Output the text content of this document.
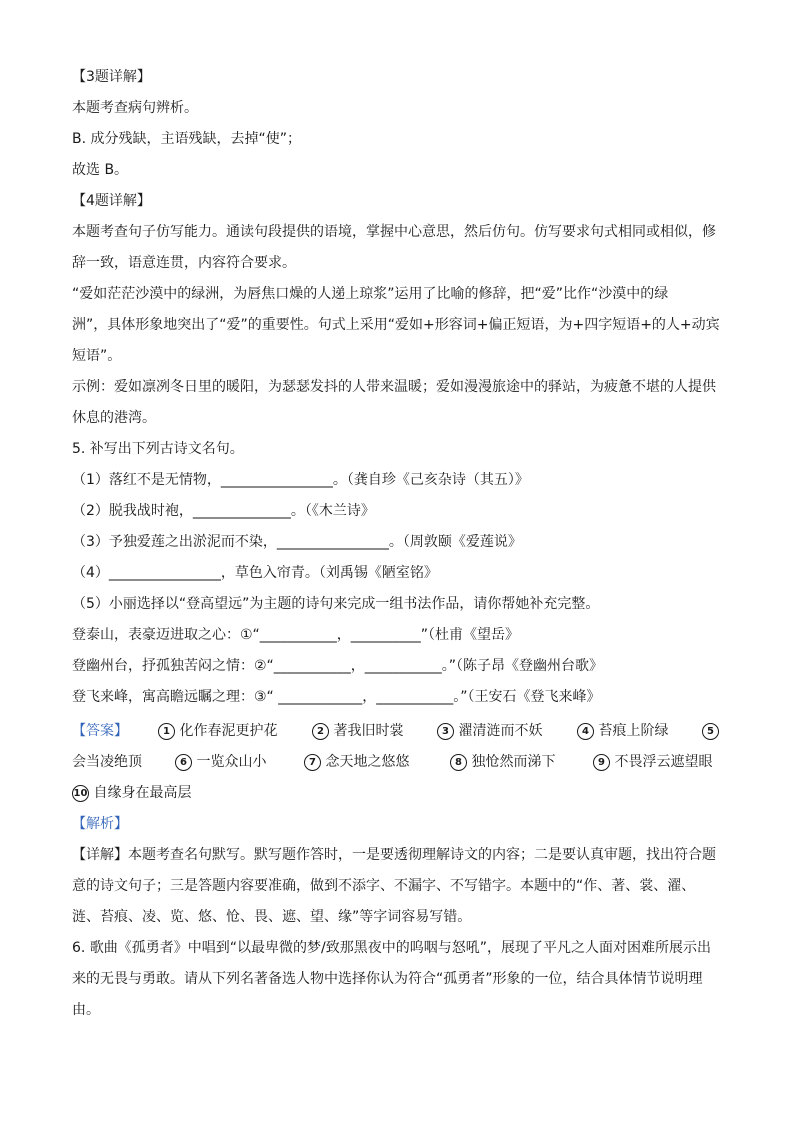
【3题详解】
本题考查病句辨析。
B. 成分残缺，主语残缺，去掉“使”；
故选 B。
【4题详解】
本题考查句子仿写能力。通读句段提供的语境，掌握中心意思，然后仿句。仿写要求句式相同或相似，修
辞一致，语意连贯，内容符合要求。
“爱如茫茫沙漠中的绿洲，为唇焦口燥的人递上琼浆”运用了比喻的修辞，把“爱”比作“沙漠中的绿
洲”，具体形象地突出了“爱”的重要性。句式上采用“爱如+形容词+偏正短语，为+四字短语+的人+动宾
短语”。
示例：爱如凛冽冬日里的暖阳，为瑟瑟发抖的人带来温暖；爱如漫漫旅途中的驿站，为疲惫不堪的人提供
休息的港湾。
5. 补写出下列古诗文名句。
（1）落红不是无情物，________________。（龚自珍《己亥杂诗（其五）》
（2）脱我战时袍，______________。（《木兰诗》
（3）予独爱莲之出淤泥而不染，________________。（周敦颐《爱莲说》
（4）________________，草色入帘青。（刘禹锡《陋室铭》
（5）小丽选择以“登高望远”为主题的诗句来完成一组书法作品，请你帮她补充完整。
登泰山，表豪迈进取之心：①“___________，__________”（杜甫《望岳》
登幽州台，抒孤独苦闷之情：②“___________，___________。”（陈子昂《登幽州台歌》
登飞来峰，寓高瞻远瞩之理：③“ ____________，___________。”（王安石《登飞来峰》
【答案】	1 化作春泥更护花	2 著我旧时裳	3 濯清涟而不妖	4 苔痕上阶绿	5
会当凌绝顶	6 一览众山小	7 念天地之悠悠	8 独怆然而涕下	9 不畏浮云遮望眼
10 自缘身在最高层
【解析】
【详解】本题考查名句默写。默写题作答时，一是要透彻理解诗文的内容；二是要认真审题，找出符合题
意的诗文句子；三是答题内容要准确，做到不添字、不漏字、不写错字。本题中的“作、著、裳、濯、
涟、苔痕、凌、览、悠、怆、畏、遮、望、缘”等字词容易写错。
6. 歌曲《孤勇者》中唱到“以最卑微的梦/致那黑夜中的呜咽与怒吼”，展现了平凡之人面对困难所展示出
来的无畏与勇敢。请从下列名著备选人物中选择你认为符合“孤勇者”形象的一位，结合具体情节说明理
由。
